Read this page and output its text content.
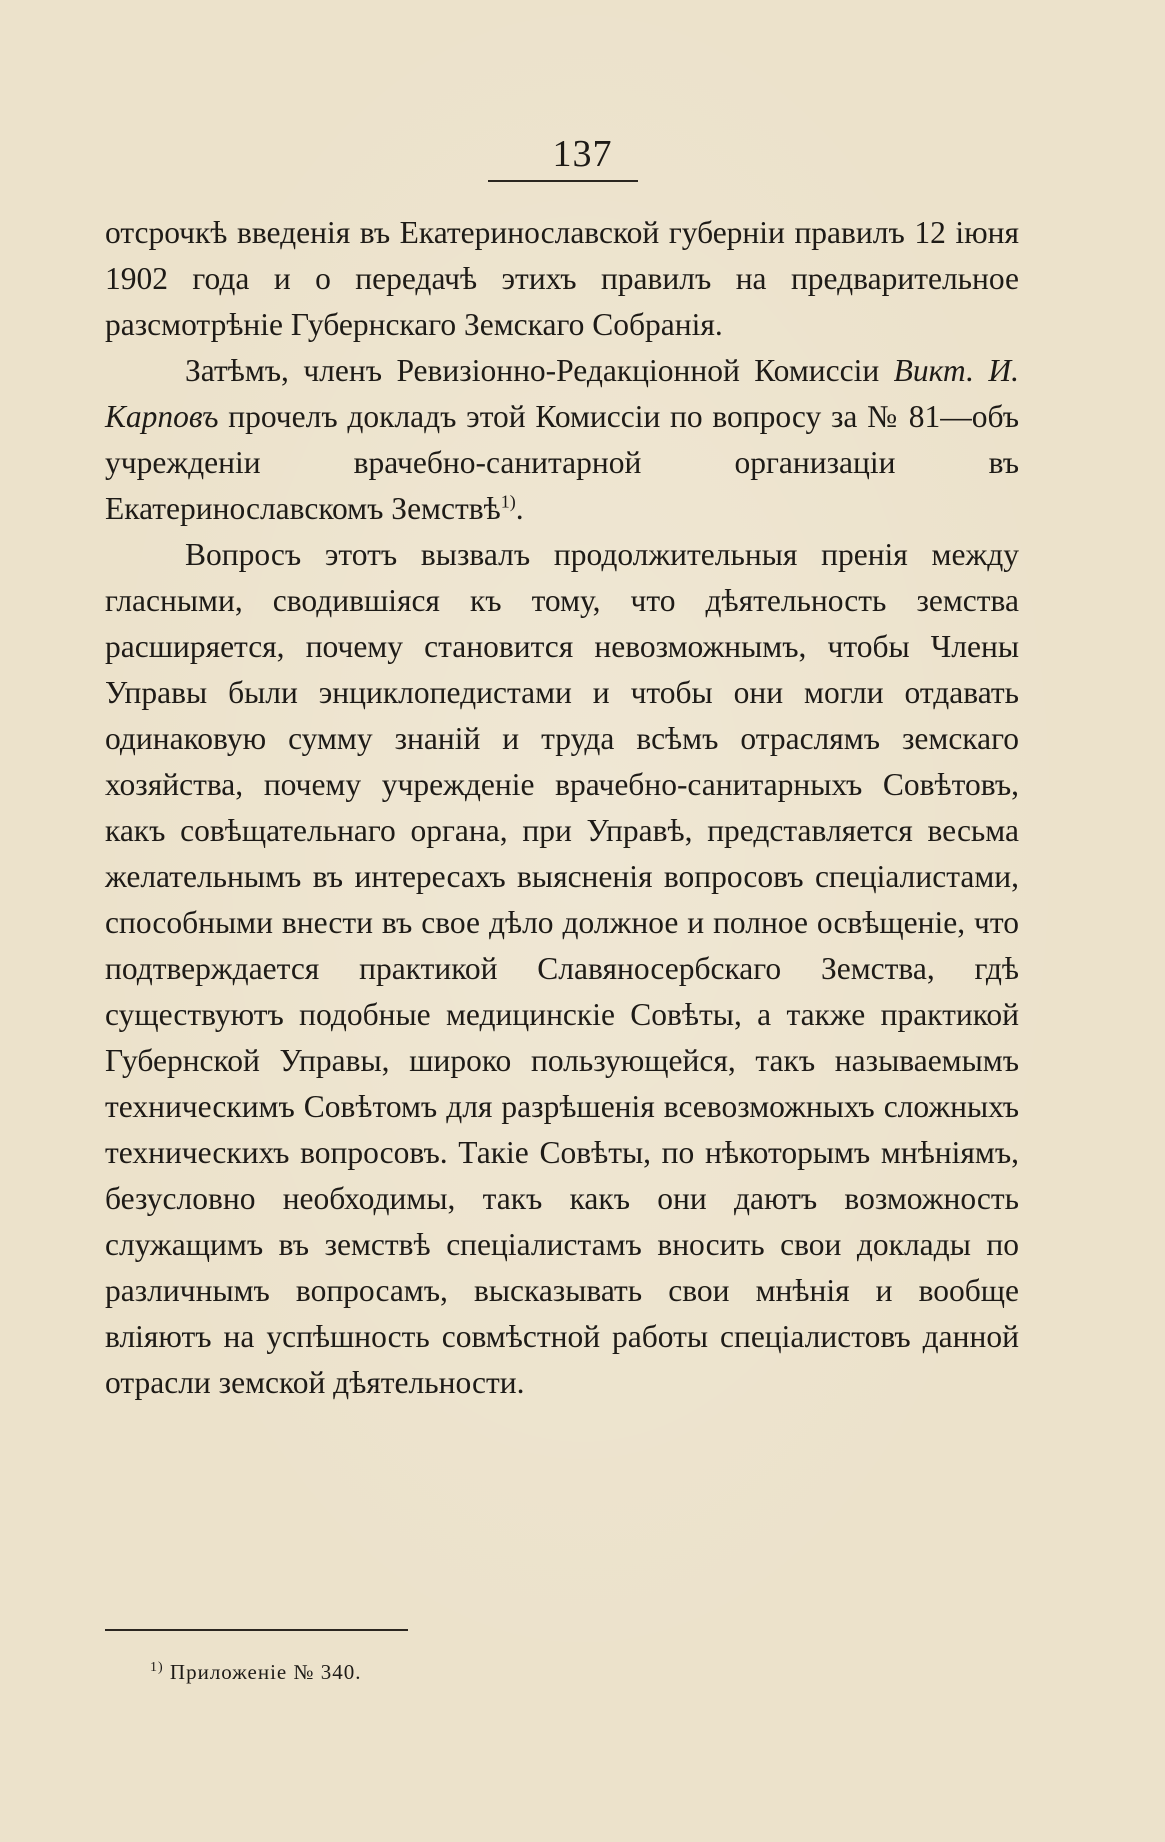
137

отсрочкѣ введенія въ Екатеринославской губерніи правилъ 12 іюня 1902 года и о передачѣ этихъ правилъ на предварительное разсмотрѣніе Губернскаго Земскаго Собранія.

Затѣмъ, членъ Ревизіонно-Редакціонной Комиссіи Викт. И. Карповъ прочелъ докладъ этой Комиссіи по вопросу за № 81—объ учрежденіи врачебно-санитарной организаціи въ Екатеринославскомъ Земствѣ$^{1)}$.

Вопросъ этотъ вызвалъ продолжительныя пренія между гласными, сводившіяся къ тому, что дѣятельность земства расширяется, почему становится невозможнымъ, чтобы Члены Управы были энциклопедистами и чтобы они могли отдавать одинаковую сумму знаній и труда всѣмъ отраслямъ земскаго хозяйства, почему учрежденіе врачебно-санитарныхъ Совѣтовъ, какъ совѣщательнаго органа, при Управѣ, представляется весьма желательнымъ въ интересахъ выясненія вопросовъ спеціалистами, способными внести въ свое дѣло должное и полное освѣщеніе, что подтверждается практикой Славяносербскаго Земства, гдѣ существуютъ подобные медицинскіе Совѣты, а также практикой Губернской Управы, широко пользующейся, такъ называемымъ техническимъ Совѣтомъ для разрѣшенія всевозможныхъ сложныхъ техническихъ вопросовъ. Такіе Совѣты, по нѣкоторымъ мнѣніямъ, безусловно необходимы, такъ какъ они даютъ возможность служащимъ въ земствѣ спеціалистамъ вносить свои доклады по различнымъ вопросамъ, высказывать свои мнѣнія и вообще вліяютъ на успѣшность совмѣстной работы спеціалистовъ данной отрасли земской дѣятельности.

$^{1)}$ Приложеніе № 340.
